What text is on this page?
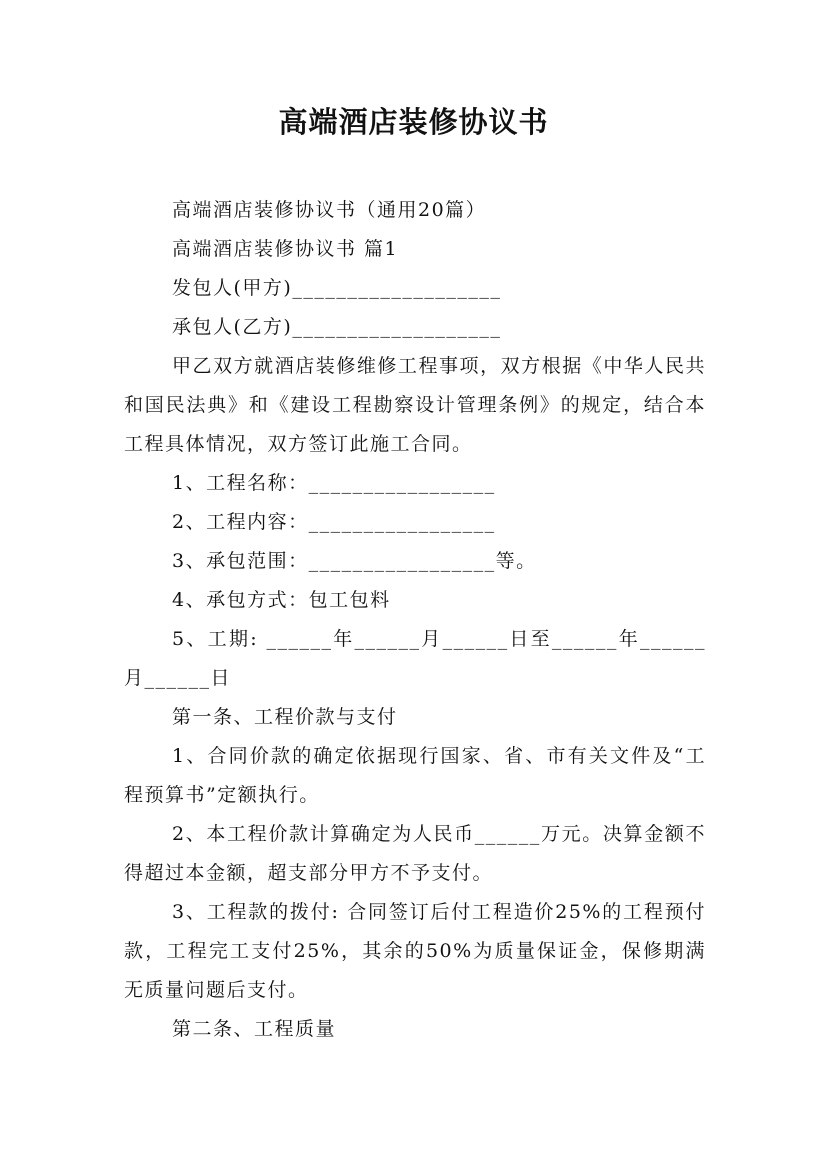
高端酒店装修协议书

高端酒店装修协议书（通用20篇）

高端酒店装修协议书 篇1

发包人(甲方)___________________

承包人(乙方)___________________

甲乙双方就酒店装修维修工程事项，双方根据《中华人民共和国民法典》和《建设工程勘察设计管理条例》的规定，结合本工程具体情况，双方签订此施工合同。

1、工程名称：_________________

2、工程内容：_________________

3、承包范围：_________________等。

4、承包方式：包工包料

5、工期: ______年______月______日至______年______月______日

第一条、工程价款与支付

1、合同价款的确定依据现行国家、省、市有关文件及“工程预算书”定额执行。

2、本工程价款计算确定为人民币______万元。决算金额不得超过本金额，超支部分甲方不予支付。

3、工程款的拨付: 合同签订后付工程造价25%的工程预付款，工程完工支付25%，其余的50%为质量保证金，保修期满无质量问题后支付。

第二条、工程质量
